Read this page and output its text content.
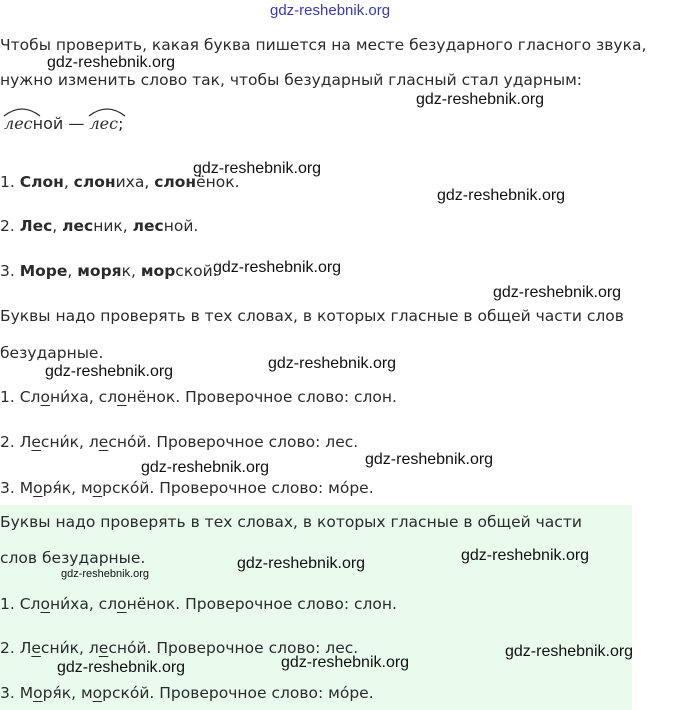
gdz-reshebnik.org
gdz-reshebnik.org
gdz-reshebnik.org
gdz-reshebnik.org
gdz-reshebnik.org
gdz-reshebnik.org
gdz-reshebnik.org
gdz-reshebnik.org
gdz-reshebnik.org
gdz-reshebnik.org
gdz-reshebnik.org
gdz-reshebnik.org
gdz-reshebnik.org
gdz-reshebnik.org
gdz-reshebnik.org
gdz-reshebnik.org
gdz-reshebnik.org
Чтобы проверить, какая буква пишется на месте безударного гласного звука,
нужно изменить слово так, чтобы безударный гласный стал ударным:
лесной —
лес;
1. Слон, слониха, слонёнок.
2. Лес, лесник, лесной.
3. Море, моряк, морской.
Буквы надо проверять в тех словах, в которых гласные в общей части слов
безударные.
1. Слони́ха, слонёнок. Проверочное слово: слон.
2. Лесни́к, лесно́й. Проверочное слово: лес.
3. Моря́к, морско́й. Проверочное слово: мо́ре.
Буквы надо проверять в тех словах, в которых гласные в общей части
слов безударные.
1. Слони́ха, слонёнок. Проверочное слово: слон.
2. Лесни́к, лесно́й. Проверочное слово: лес.
3. Моря́к, морско́й. Проверочное слово: мо́ре.
